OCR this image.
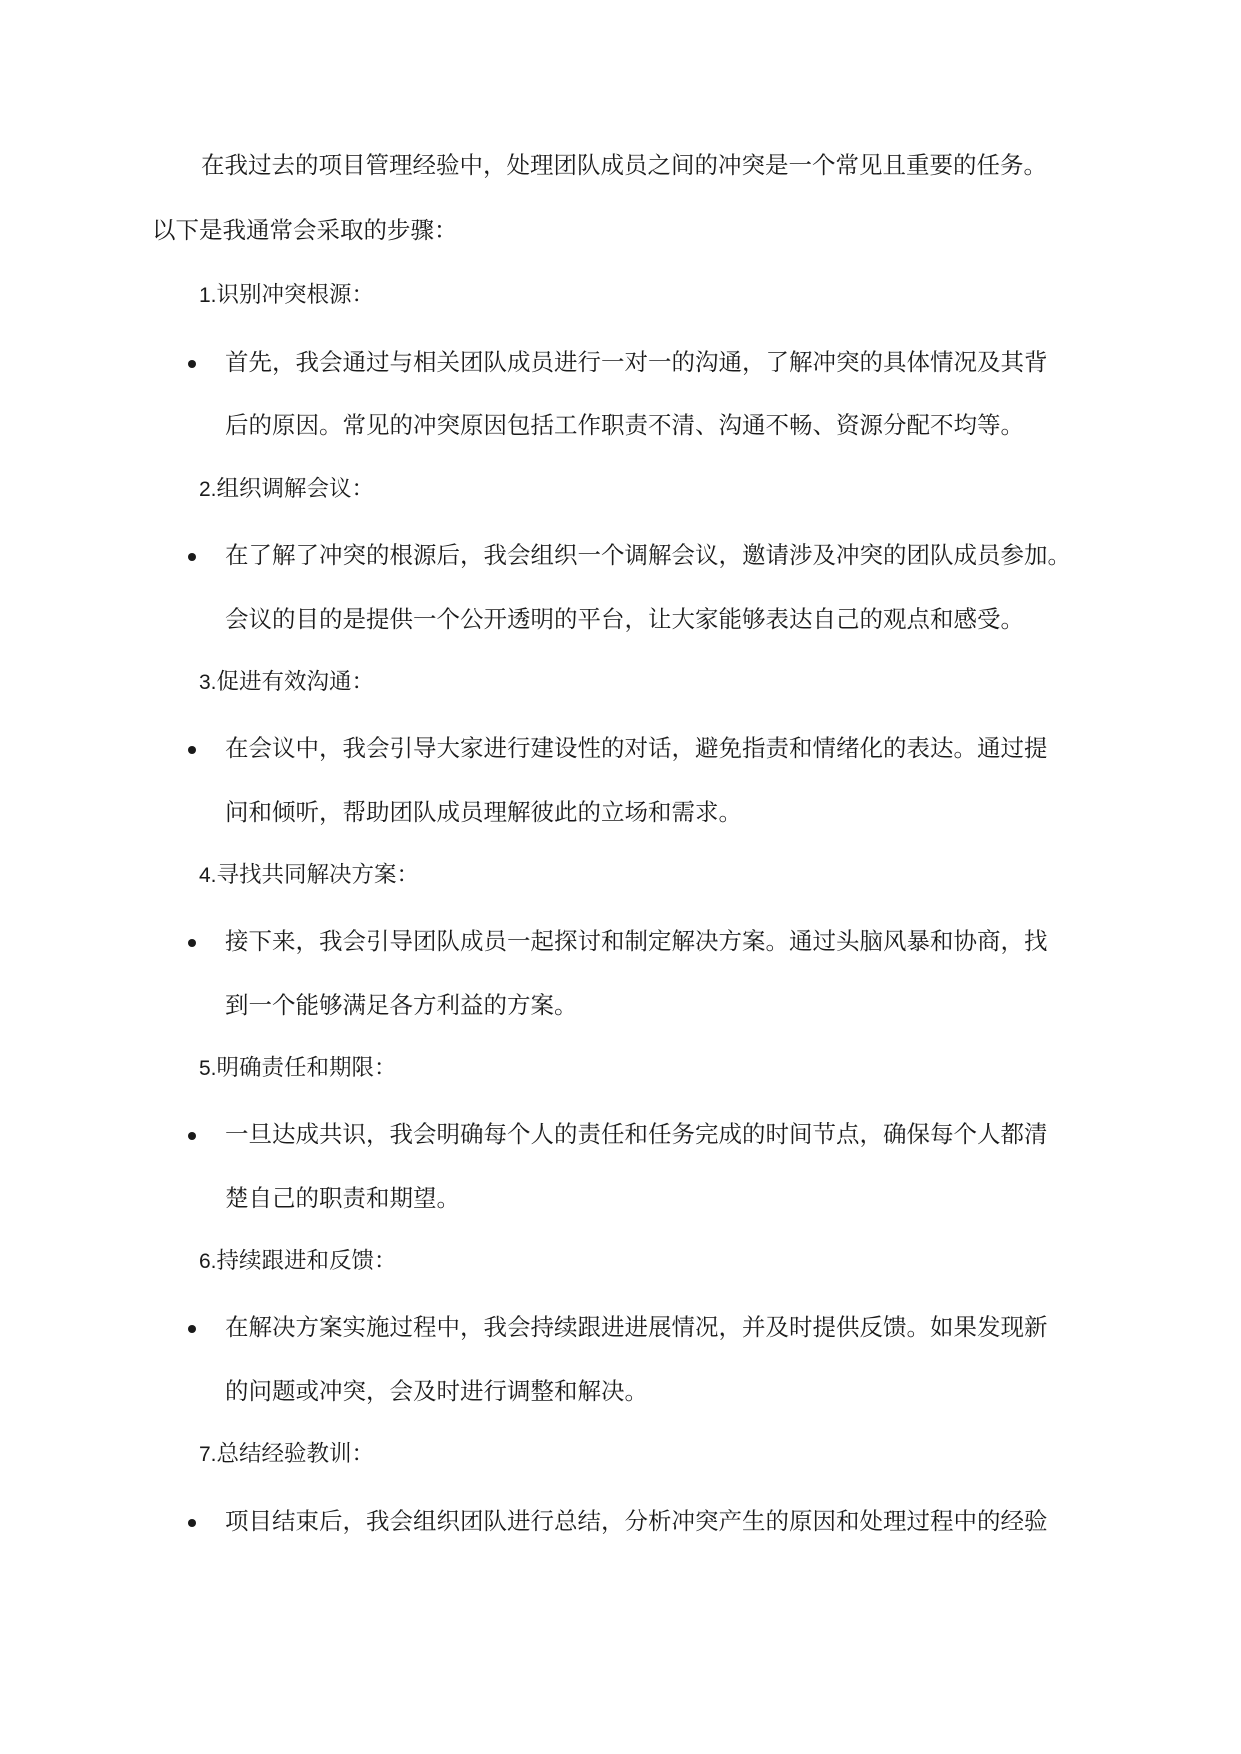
在我过去的项目管理经验中，处理团队成员之间的冲突是一个常见且重要的任务。
以下是我通常会采取的步骤：
1.识别冲突根源：
首先，我会通过与相关团队成员进行一对一的沟通，了解冲突的具体情况及其背
后的原因。常见的冲突原因包括工作职责不清、沟通不畅、资源分配不均等。
2.组织调解会议：
在了解了冲突的根源后，我会组织一个调解会议，邀请涉及冲突的团队成员参加。
会议的目的是提供一个公开透明的平台，让大家能够表达自己的观点和感受。
3.促进有效沟通：
在会议中，我会引导大家进行建设性的对话，避免指责和情绪化的表达。通过提
问和倾听，帮助团队成员理解彼此的立场和需求。
4.寻找共同解决方案：
接下来，我会引导团队成员一起探讨和制定解决方案。通过头脑风暴和协商，找
到一个能够满足各方利益的方案。
5.明确责任和期限：
一旦达成共识，我会明确每个人的责任和任务完成的时间节点，确保每个人都清
楚自己的职责和期望。
6.持续跟进和反馈：
在解决方案实施过程中，我会持续跟进进展情况，并及时提供反馈。如果发现新
的问题或冲突，会及时进行调整和解决。
7.总结经验教训：
项目结束后，我会组织团队进行总结，分析冲突产生的原因和处理过程中的经验
